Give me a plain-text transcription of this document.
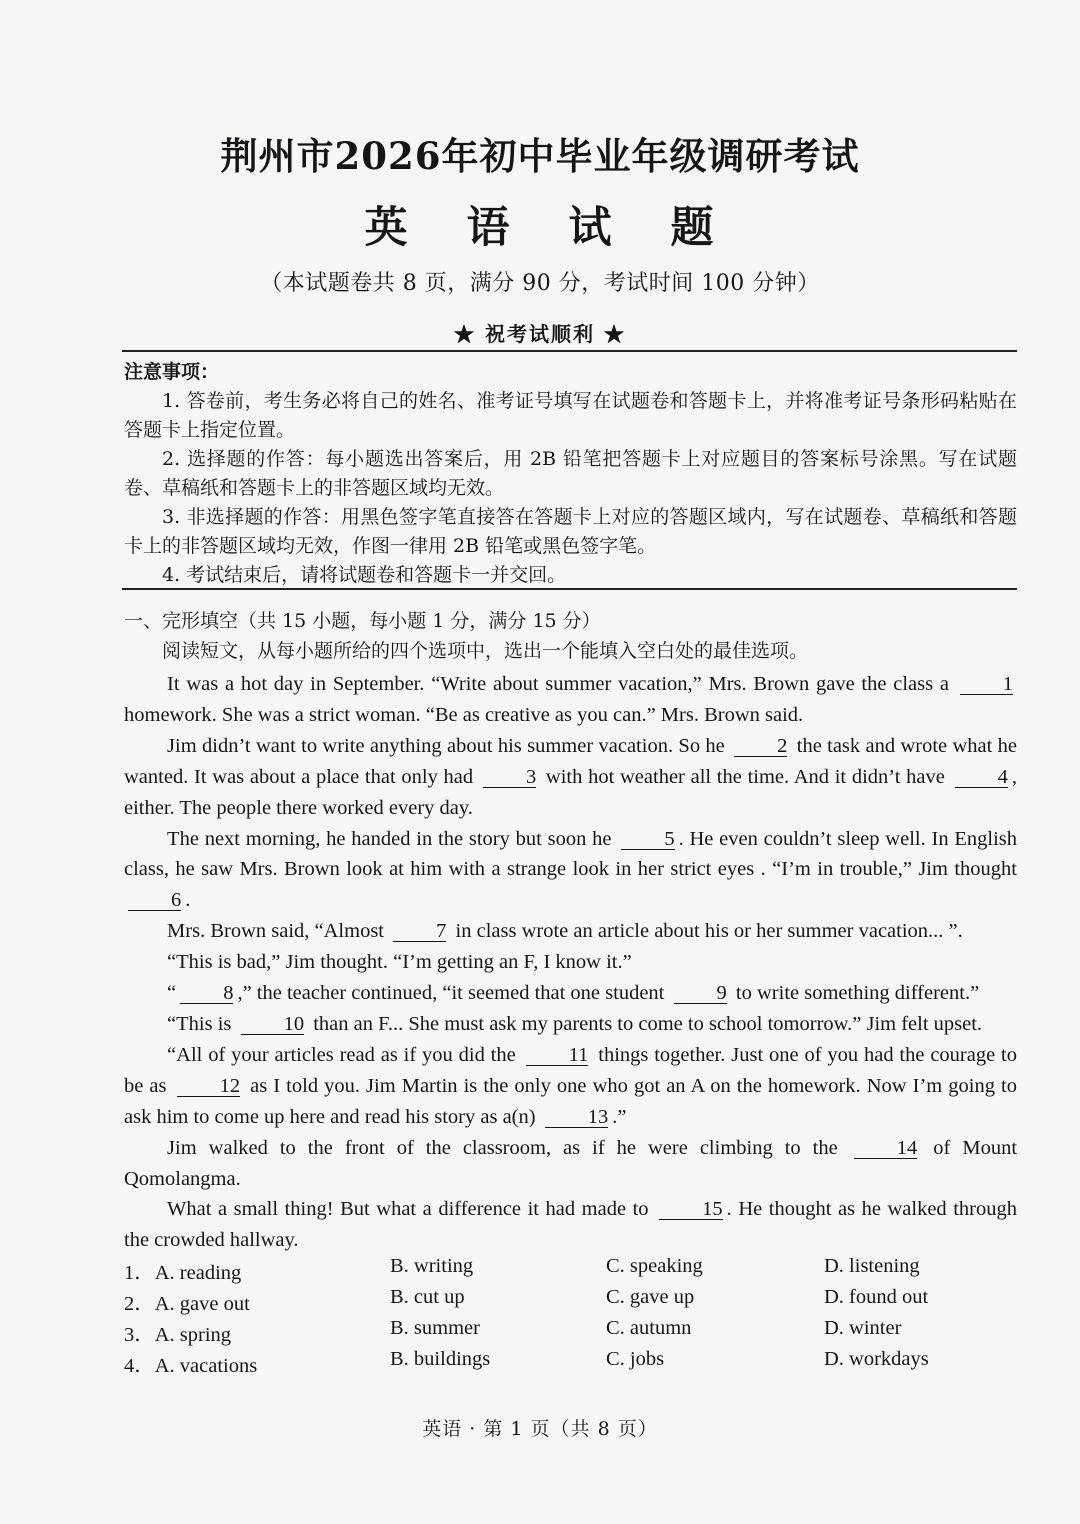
荆州市2026年初中毕业年级调研考试
英 语 试 题
（本试题卷共 8 页，满分 90 分，考试时间 100 分钟）
★ 祝考试顺利 ★
注意事项：

1. 答卷前，考生务必将自己的姓名、准考证号填写在试题卷和答题卡上，并将准考证号条形码粘贴在答题卡上指定位置。

2. 选择题的作答：每小题选出答案后，用 2B 铅笔把答题卡上对应题目的答案标号涂黑。写在试题卷、草稿纸和答题卡上的非答题区域均无效。

3. 非选择题的作答：用黑色签字笔直接答在答题卡上对应的答题区域内，写在试题卷、草稿纸和答题卡上的非答题区域均无效，作图一律用 2B 铅笔或黑色签字笔。

4. 考试结束后，请将试题卷和答题卡一并交回。

一、完形填空（共 15 小题，每小题 1 分，满分 15 分）

阅读短文，从每小题所给的四个选项中，选出一个能填入空白处的最佳选项。

It was a hot day in September. “Write about summer vacation,” Mrs. Brown gave the class a	1 homework. She was a strict woman. “Be as creative as you can.” Mrs. Brown said.

Jim didn’t want to write anything about his summer vacation. So he	2 the task and wrote what he wanted. It was about a place that only had	3 with hot weather all the time. And it didn’t have	4 , either. The people there worked every day.

The next morning, he handed in the story but soon he	5 . He even couldn’t sleep well. In English class, he saw Mrs. Brown look at him with a strange look in her strict eyes . “I’m in trouble,” Jim thought 6 .

Mrs. Brown said, “Almost	7 in class wrote an article about his or her summer vacation... ”.

“This is bad,” Jim thought. “I’m getting an F, I know it.”

“ 8 ,” the teacher continued, “it seemed that one student	9 to write something different.”

“This is	10 than an F... She must ask my parents to come to school tomorrow.” Jim felt upset.

“All of your articles read as if you did the	11 things together. Just one of you had the courage to be as	12 as I told you. Jim Martin is the only one who got an A on the homework. Now I’m going to ask him to come up here and read his story as a(n)	13 .”

Jim walked to the front of the classroom, as if he were climbing to the	14 of Mount Qomolangma.

What a small thing! But what a difference it had made to	15 . He thought as he walked through the crowded hallway.

1．A. reading	B. writing	C. speaking	D. listening
2．A. gave out	B. cut up	C. gave up	D. found out
3．A. spring	B. summer	C. autumn	D. winter
4．A. vacations	B. buildings	C. jobs	D. workdays
英语 · 第 1 页（共 8 页）
